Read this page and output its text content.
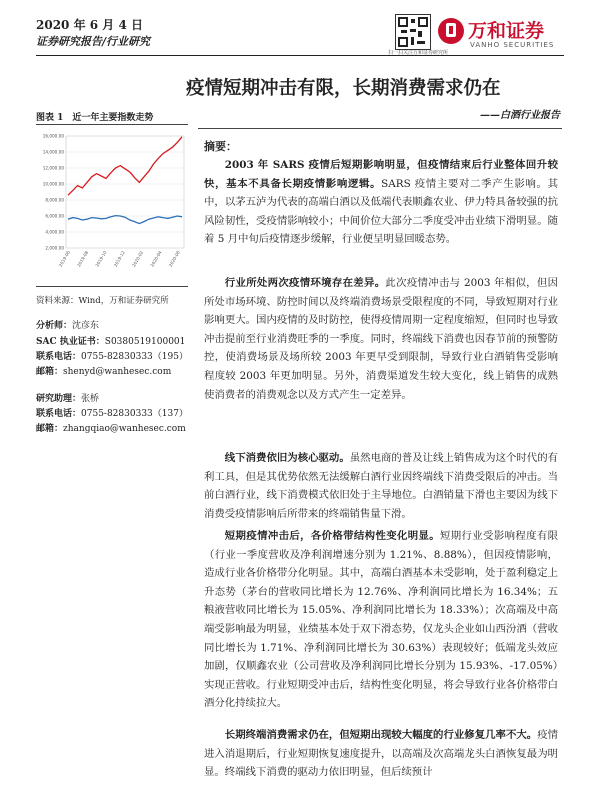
2020 年 6 月 4 日
证券研究报告/行业研究
扫一扫关注万和证券研究所
万和证券
VANHO SECURITIES
疫情短期冲击有限，长期消费需求仍在
——白酒行业报告
图表 1　近一年主要指数走势
16,000.00
14,000.00
12,000.00
10,000.00
8,000.00
6,000.00
4,000.00
2,000.00
2019-06 2019-08 2019-10 2019-12 2020-02 2020-04 2020-06
资料来源：Wind，万和证券研究所
分析师：沈彦东
SAC 执业证书：S0380519100001
联系电话：0755-82830333（195）
邮箱：shenyd@wanhesec.com
研究助理：张桥
联系电话：0755-82830333（137）
邮箱：zhangqiao@wanhesec.com
摘要：

2003 年 SARS 疫情后短期影响明显，但疫情结束后行业整体回升较快，基本不具备长期疫情影响逻辑。SARS 疫情主要对二季产生影响。其中，以茅五泸为代表的高端白酒以及低端代表顺鑫农业、伊力特具备较强的抗风险韧性，受疫情影响较小；中间价位大部分二季度受冲击业绩下滑明显。随着 5 月中旬后疫情逐步缓解，行业便呈明显回暖态势。

行业所处两次疫情环境存在差异。此次疫情冲击与 2003 年相似，但因所处市场环境、防控时间以及终端消费场景受限程度的不同，导致短期对行业影响更大。国内疫情的及时防控，使得疫情周期一定程度缩短，但同时也导致冲击提前至行业消费旺季的一季度。同时，终端线下消费也因春节前的预警防控，使消费场景及场所较 2003 年更早受到限制，导致行业白酒销售受影响程度较 2003 年更加明显。另外，消费渠道发生较大变化，线上销售的成熟使消费者的消费观念以及方式产生一定差异。

线下消费依旧为核心驱动。虽然电商的普及让线上销售成为这个时代的有利工具，但是其优势依然无法缓解白酒行业因终端线下消费受限后的冲击。当前白酒行业，线下消费模式依旧处于主导地位。白酒销量下滑也主要因为线下消费受疫情影响后所带来的终端销售量下滑。

短期疫情冲击后，各价格带结构性变化明显。短期行业受影响程度有限（行业一季度营收及净利润增速分别为 1.21%、8.88%），但因疫情影响，造成行业各价格带分化明显。其中，高端白酒基本未受影响，处于盈利稳定上升态势（茅台的营收同比增长为 12.76%、净利润同比增长为 16.34%；五粮液营收同比增长为 15.05%、净利润同比增长为 18.33%）；次高端及中高端受影响最为明显，业绩基本处于双下滑态势，仅龙头企业如山西汾酒（营收同比增长为 1.71%、净利润同比增长为 30.63%）表现较好；低端龙头效应加剧，仅顺鑫农业（公司营收及净利润同比增长分别为 15.93%、-17.05%）实现正营收。行业短期受冲击后，结构性变化明显，将会导致行业各价格带白酒分化持续拉大。

长期终端消费需求仍在，但短期出现较大幅度的行业修复几率不大。疫情进入消退期后，行业短期恢复速度提升，以高端及次高端龙头白酒恢复最为明显。终端线下消费的驱动力依旧明显，但后续预计
